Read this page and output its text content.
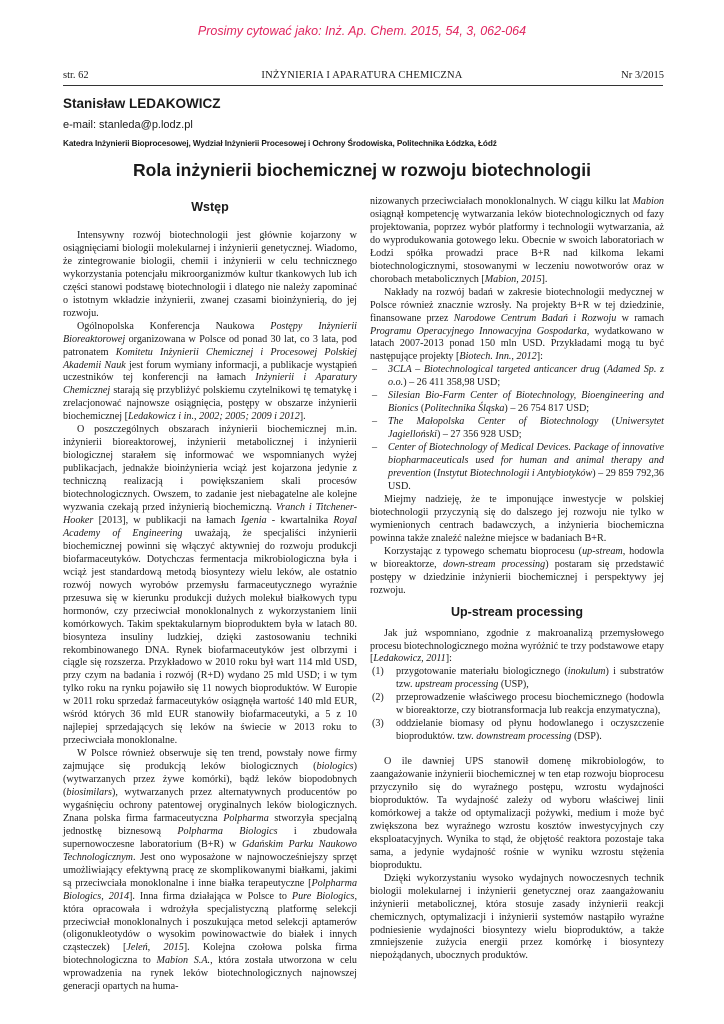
Prosimy cytować jako: Inż. Ap. Chem. 2015, 54, 3, 062-064
str. 62	INŻYNIERIA I APARATURA CHEMICZNA	Nr 3/2015
Stanisław LEDAKOWICZ
e-mail: stanleda@p.lodz.pl
Katedra Inżynierii Bioprocesowej, Wydział Inżynierii Procesowej i Ochrony Środowiska, Politechnika Łódzka, Łódź
Rola inżynierii biochemicznej w rozwoju biotechnologii
Wstęp

Intensywny rozwój biotechnologii jest głównie kojarzony w osiągnięciami biologii molekularnej i inżynierii genetycznej. Wiadomo, że zintegrowanie biologii, chemii i inżynierii w celu technicznego wykorzystania potencjału mikroorganizmów kultur tkankowych lub ich części stanowi podstawę biotechnologii i dlatego nie należy zapominać o istotnym wkładzie inżynierii, zwanej czasami bioinżynierią, do jej rozwoju.

Ogólnopolska Konferencja Naukowa Postępy Inżynierii Bioreaktorowej organizowana w Polsce od ponad 30 lat, co 3 lata, pod patronatem Komitetu Inżynierii Chemicznej i Procesowej Polskiej Akademii Nauk jest forum wymiany informacji, a publikacje wystąpień uczestników tej konferencji na łamach Inżynierii i Aparatury Chemicznej starają się przybliżyć polskiemu czytelnikowi tę tematykę i zrelacjonować najnowsze osiągnięcia, postępy w obszarze inżynierii biochemicznej [Ledakowicz i in., 2002; 2005; 2009 i 2012].

O poszczególnych obszarach inżynierii biochemicznej m.in. inżynierii bioreaktorowej, inżynierii metabolicznej i inżynierii biologicznej starałem się informować we wspomnianych wyżej publikacjach, jednakże bioinżynieria wciąż jest kojarzona jedynie z techniczną realizacją i powiększaniem skali procesów biotechnologicznych. Owszem, to zadanie jest niebagatelne ale kolejne wyzwania czekają przed inżynierią biochemiczną. Vranch i Titchener-Hooker [2013], w publikacji na łamach Igenia - kwartalnika Royal Academy of Engineering uważają, że specjaliści inżynierii biochemicznej powinni się włączyć aktywniej do rozwoju produkcji biofarmaceutyków. Dotychczas fermentacja mikrobiologiczna była i wciąż jest standardową metodą biosyntezy wielu leków, ale ostatnio rozwój nowych wyrobów przemysłu farmaceutycznego wyraźnie przesuwa się w kierunku produkcji dużych molekuł białkowych typu hormonów, czy przeciwciał monoklonalnych z wykorzystaniem linii komórkowych. Takim spektakularnym bioproduktem była w latach 80. biosynteza insuliny ludzkiej, dzięki zastosowaniu techniki rekombinowanego DNA. Rynek biofarmaceutyków jest olbrzymi i ciągle się rozszerza. Przykładowo w 2010 roku był wart 114 mld USD, przy czym na badania i rozwój (R+D) wydano 25 mld USD; i w tym tylko roku na rynku pojawiło się 11 nowych bioproduktów. W Europie w 2011 roku sprzedaż farmaceutyków osiągnęła wartość 140 mld EUR, wśród których 36 mld EUR stanowiły biofarmaceutyki, a 5 z 10 najlepiej sprzedających się leków na świecie w 2013 roku to przeciwciała monoklonalne.

W Polsce również obserwuje się ten trend, powstały nowe firmy zajmujące się produkcją leków biologicznych (biologics) (wytwarzanych przez żywe komórki), bądź leków biopodobnych (biosimilars), wytwarzanych przez alternatywnych producentów po wygaśnięciu ochrony patentowej oryginalnych leków biologicznych. Znana polska firma farmaceutyczna Polpharma stworzyła specjalną jednostkę biznesową Polpharma Biologics i zbudowała supernowoczesne laboratorium (B+R) w Gdańskim Parku Naukowo Technologicznym. Jest ono wyposażone w najnowocześniejszy sprzęt umożliwiający efektywną pracę ze skomplikowanymi białkami, jakimi są przeciwciała monoklonalne i inne białka terapeutyczne [Polpharma Biologics, 2014]. Inna firma działająca w Polsce to Pure Biologics, która opracowała i wdrożyła specjalistyczną platformę selekcji przeciwciał monoklonalnych i poszukująca metod selekcji aptamerów (oligonukleotydów o wysokim powinowactwie do białek i innych cząsteczek) [Jeleń, 2015]. Kolejna czołowa polska firma biotechnologiczna to Mabion S.A., która została utworzona w celu wprowadzenia na rynek leków biotechnologicznych najnowszej generacji opartych na huma-

nizowanych przeciwciałach monoklonalnych. W ciągu kilku lat Mabion osiągnął kompetencję wytwarzania leków biotechnologicznych od fazy projektowania, poprzez wybór platformy i technologii wytwarzania, aż do wyprodukowania gotowego leku. Obecnie w swoich laboratoriach w Łodzi spółka prowadzi prace B+R nad kilkoma lekami biotechnologicznymi, stosowanymi w leczeniu nowotworów oraz w chorobach metabolicznych [Mabion, 2015].

Nakłady na rozwój badań w zakresie biotechnologii medycznej w Polsce również znacznie wzrosły. Na projekty B+R w tej dziedzinie, finansowane przez Narodowe Centrum Badań i Rozwoju w ramach Programu Operacyjnego Innowacyjna Gospodarka, wydatkowano w latach 2007-2013 ponad 150 mln USD. Przykładami mogą tu być następujące projekty [Biotech. Inn., 2012]:

– 3CLA – Biotechnological targeted anticancer drug (Adamed Sp. z o.o.) – 26 411 358,98 USD;
– Silesian Bio-Farm Center of Biotechnology, Bioengineering and Bionics (Politechnika Śląska) – 26 754 817 USD;
– The Małopolska Center of Biotechnology (Uniwersytet Jagielloński) – 27 356 928 USD;
– Center of Biotechnology of Medical Devices. Package of innovative biopharmaceuticals used for human and animal therapy and prevention (Instytut Biotechnologii i Antybiotyków) – 29 859 792,36 USD.

Miejmy nadzieję, że te imponujące inwestycje w polskiej biotechnologii przyczynią się do dalszego jej rozwoju nie tylko w wymienionych centrach badawczych, a inżynieria biochemiczna powinna także znaleźć należne miejsce w badaniach B+R.

Korzystając z typowego schematu bioprocesu (up-stream, hodowla w bioreaktorze, down-stream processing) postaram się przedstawić postępy w dziedzinie inżynierii biochemicznej i perspektywy jej rozwoju.

Up-stream processing

Jak już wspomniano, zgodnie z makroanalizą przemysłowego procesu biotechnologicznego można wyróżnić te trzy podstawowe etapy [Ledakowicz, 2011]:

(1) przygotowanie materiału biologicznego (inokulum) i substratów tzw. upstream processing (USP),
(2) przeprowadzenie właściwego procesu biochemicznego (hodowla w bioreaktorze, czy biotransformacja lub reakcja enzymatyczna),
(3) oddzielanie biomasy od płynu hodowlanego i oczyszczenie bioproduktów. tzw. downstream processing (DSP).

O ile dawniej UPS stanowił domenę mikrobiologów, to zaangażowanie inżynierii biochemicznej w ten etap rozwoju bioprocesu przyczyniło się do wyraźnego postępu, wzrostu wydajności bioproduktów. Ta wydajność zależy od wyboru właściwej linii komórkowej a także od optymalizacji pożywki, medium i może być zwiększona bez wyraźnego wzrostu kosztów inwestycyjnych czy eksploatacyjnych. Wynika to stąd, że objętość reaktora pozostaje taka sama, a jedynie wydajność rośnie w wyniku wzrostu stężenia bioproduktu.

Dzięki wykorzystaniu wysoko wydajnych nowoczesnych technik biologii molekularnej i inżynierii genetycznej oraz zaangażowaniu inżynierii metabolicznej, która stosuje zasady inżynierii reakcji chemicznych, optymalizacji i inżynierii systemów nastąpiło wyraźne podniesienie wydajności biosyntezy wielu bioproduktów, a także zmniejszenie zużycia energii przez komórkę i biosyntezy niepożądanych, ubocznych produktów.
